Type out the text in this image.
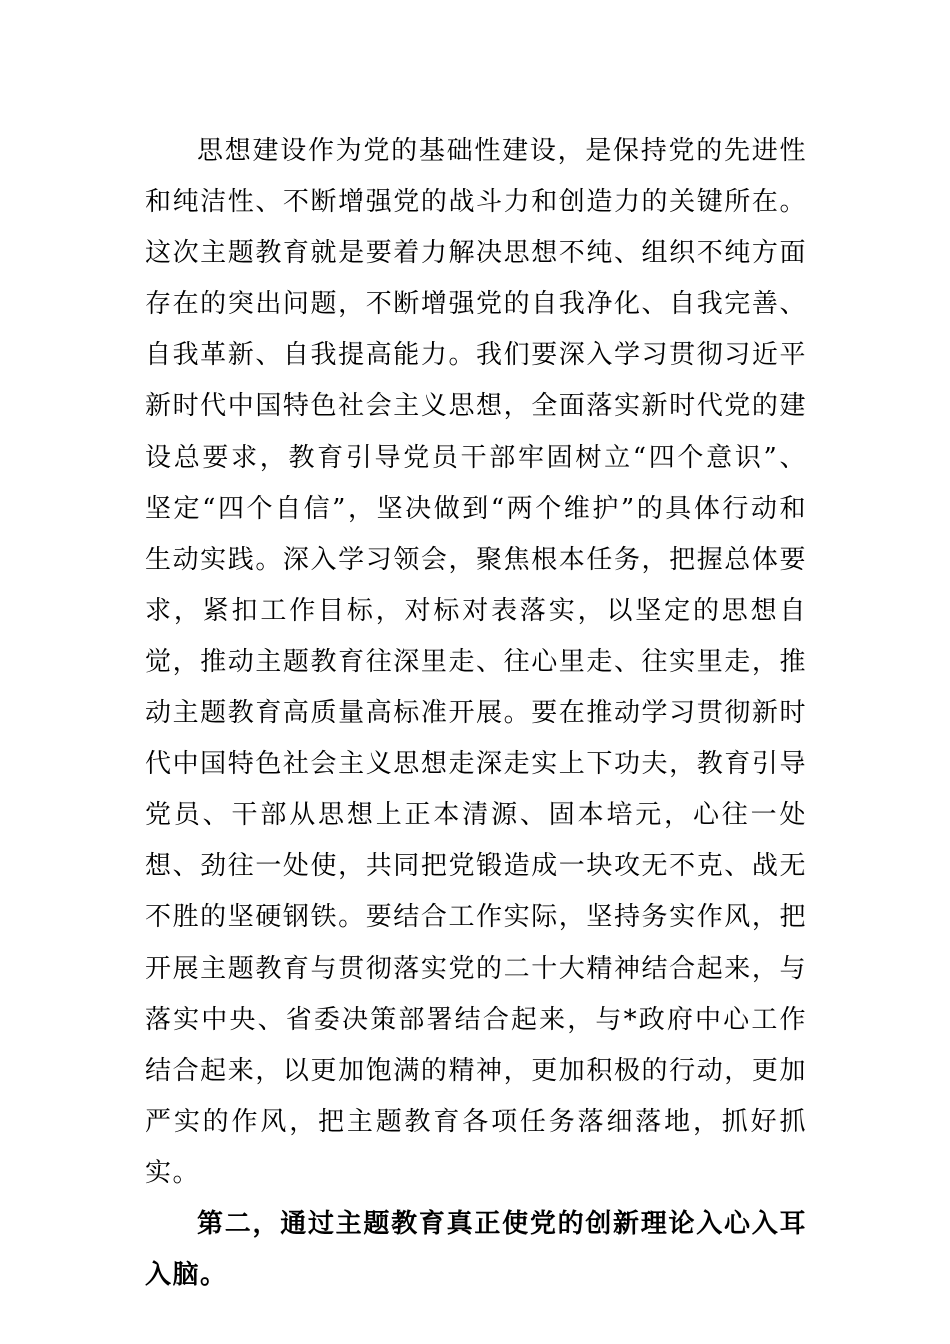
思想建设作为党的基础性建设，是保持党的先进性和纯洁性、不断增强党的战斗力和创造力的关键所在。这次主题教育就是要着力解决思想不纯、组织不纯方面存在的突出问题，不断增强党的自我净化、自我完善、自我革新、自我提高能力。我们要深入学习贯彻习近平新时代中国特色社会主义思想，全面落实新时代党的建设总要求，教育引导党员干部牢固树立“四个意识”、坚定“四个自信”，坚决做到“两个维护”的具体行动和生动实践。深入学习领会，聚焦根本任务，把握总体要求，紧扣工作目标，对标对表落实，以坚定的思想自觉，推动主题教育往深里走、往心里走、往实里走，推动主题教育高质量高标准开展。要在推动学习贯彻新时代中国特色社会主义思想走深走实上下功夫，教育引导党员、干部从思想上正本清源、固本培元，心往一处想、劲往一处使，共同把党锻造成一块攻无不克、战无不胜的坚硬钢铁。要结合工作实际，坚持务实作风，把开展主题教育与贯彻落实党的二十大精神结合起来，与落实中央、省委决策部署结合起来，与*政府中心工作结合起来，以更加饱满的精神，更加积极的行动，更加严实的作风，把主题教育各项任务落细落地，抓好抓实。

第二，通过主题教育真正使党的创新理论入心入耳入脑。
